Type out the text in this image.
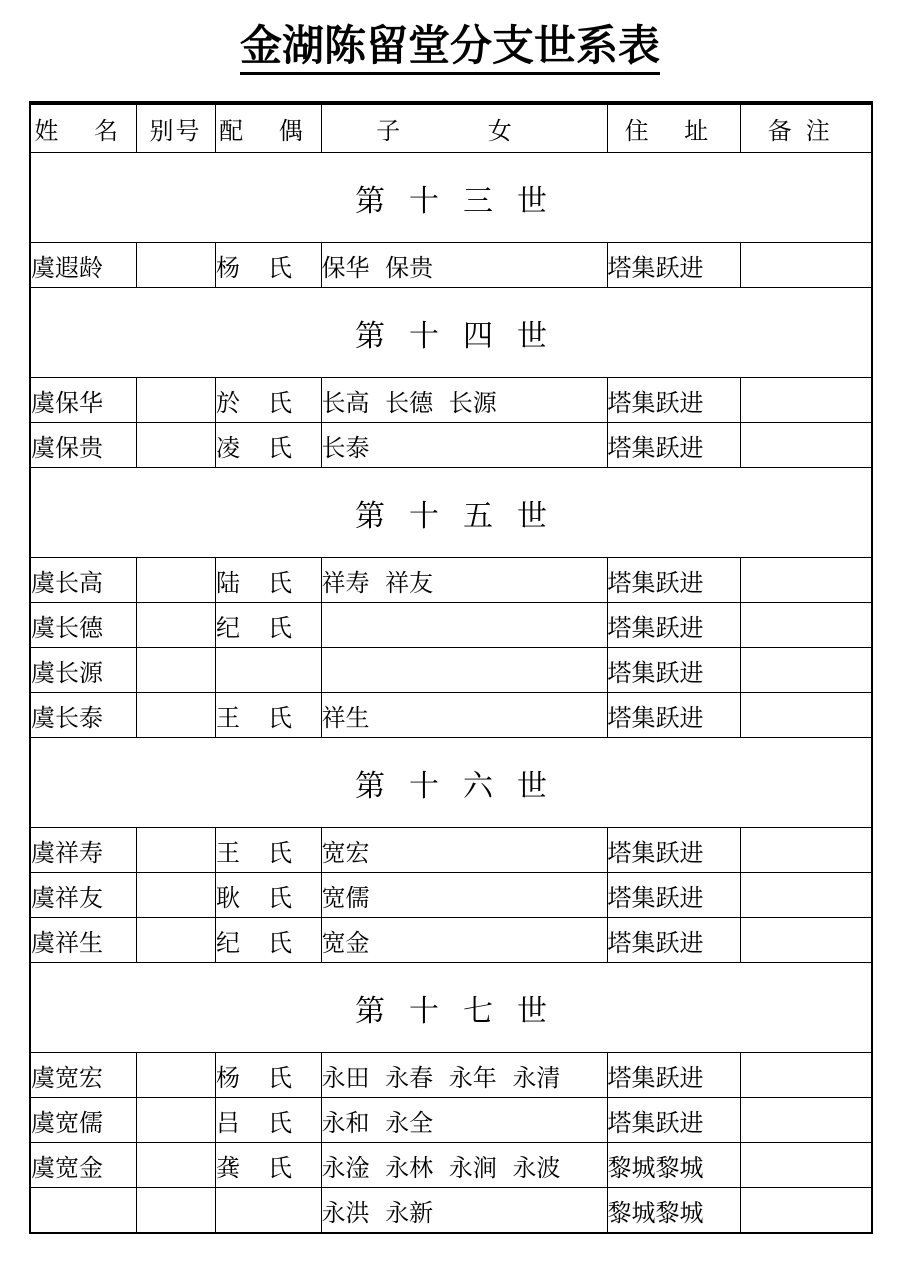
金湖陈留堂分支世系表
姓 名	别号	配 偶	子 女	住 址	备注
第十三世					
虞遐龄		杨氏	保华 保贵	塔集跃进	
第十四世					
虞保华		於氏	长高 长德 长源	塔集跃进	
虞保贵		凌氏	长泰	塔集跃进	
第十五世					
虞长高		陆氏	祥寿 祥友	塔集跃进	
虞长德		纪氏		塔集跃进	
虞长源				塔集跃进	
虞长泰		王氏	祥生	塔集跃进	
第十六世					
虞祥寿		王氏	宽宏	塔集跃进	
虞祥友		耿氏	宽儒	塔集跃进	
虞祥生		纪氏	宽金	塔集跃进	
第十七世					
虞宽宏		杨氏	永田 永春 永年 永清	塔集跃进	
虞宽儒		吕氏	永和 永全	塔集跃进	
虞宽金		龚氏	永淦 永林 永涧 永波	黎城黎城	
			永洪 永新	黎城黎城	
